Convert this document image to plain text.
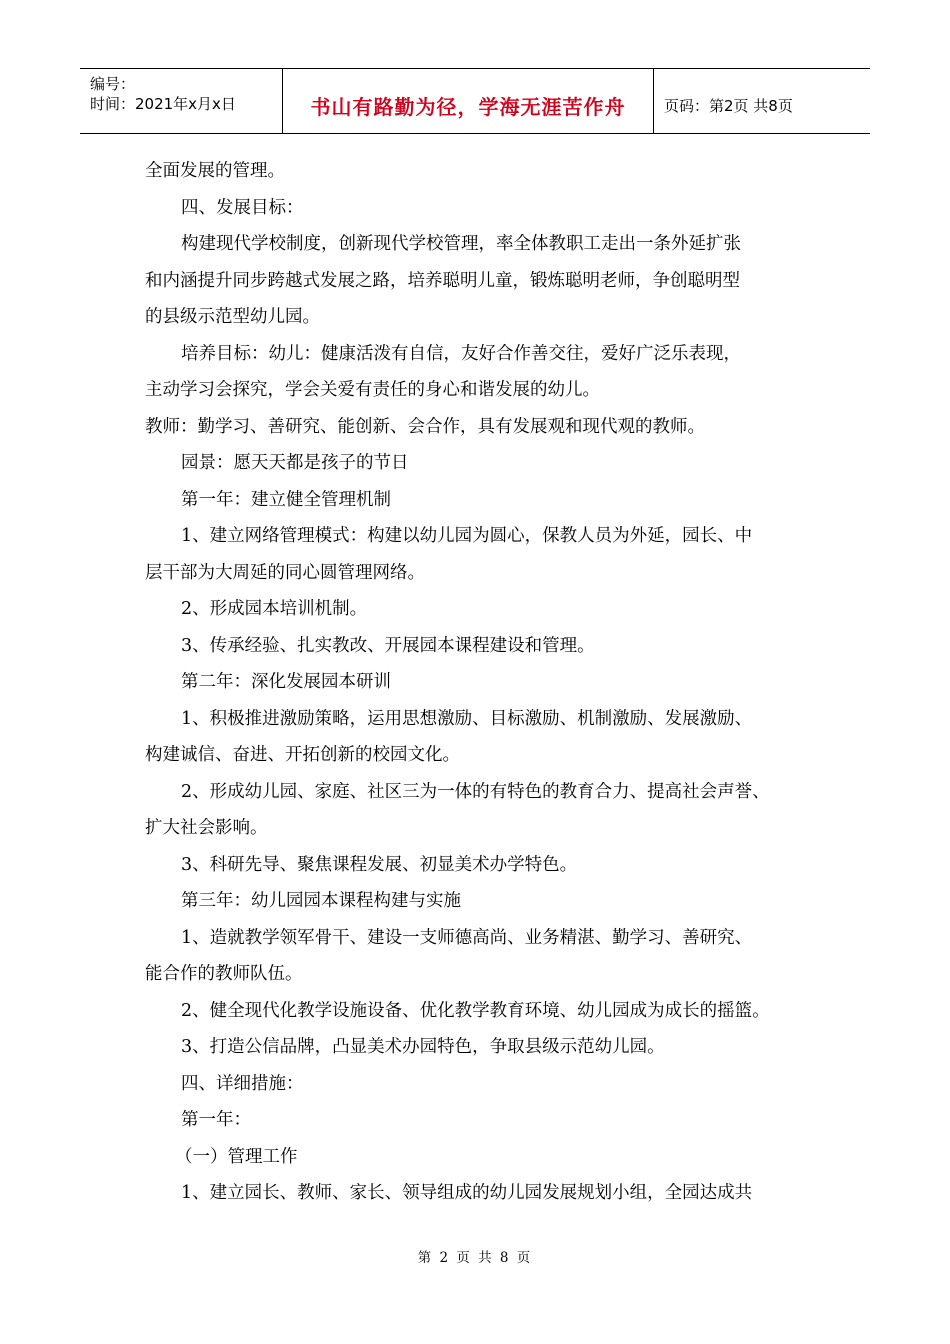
编号：
时间：2021年x月x日	书山有路勤为径，学海无涯苦作舟	页码：第2页 共8页
全面发展的管理。
四、发展目标：
构建现代学校制度，创新现代学校管理，率全体教职工走出一条外延扩张
和内涵提升同步跨越式发展之路，培养聪明儿童，锻炼聪明老师，争创聪明型
的县级示范型幼儿园。
培养目标：幼儿：健康活泼有自信，友好合作善交往，爱好广泛乐表现，
主动学习会探究，学会关爱有责任的身心和谐发展的幼儿。
教师：勤学习、善研究、能创新、会合作，具有发展观和现代观的教师。
园景：愿天天都是孩子的节日
第一年：建立健全管理机制
1、建立网络管理模式：构建以幼儿园为圆心，保教人员为外延，园长、中
层干部为大周延的同心圆管理网络。
2、形成园本培训机制。
3、传承经验、扎实教改、开展园本课程建设和管理。
第二年：深化发展园本研训
1、积极推进激励策略，运用思想激励、目标激励、机制激励、发展激励、
构建诚信、奋进、开拓创新的校园文化。
2、形成幼儿园、家庭、社区三为一体的有特色的教育合力、提高社会声誉、
扩大社会影响。
3、科研先导、聚焦课程发展、初显美术办学特色。
第三年：幼儿园园本课程构建与实施
1、造就教学领军骨干、建设一支师德高尚、业务精湛、勤学习、善研究、
能合作的教师队伍。
2、健全现代化教学设施设备、优化教学教育环境、幼儿园成为成长的摇篮。
3、打造公信品牌，凸显美术办园特色，争取县级示范幼儿园。
四、详细措施：
第一年：
（一）管理工作
1、建立园长、教师、家长、领导组成的幼儿园发展规划小组，全园达成共
第 2 页 共 8 页
